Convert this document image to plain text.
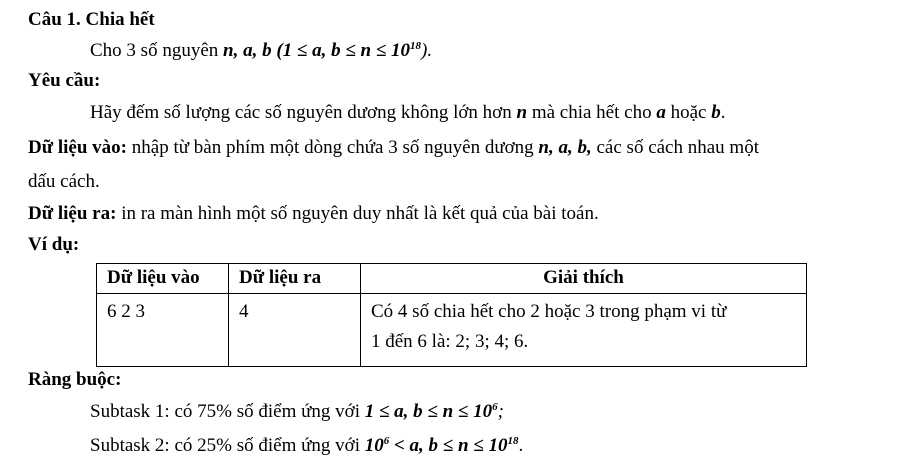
Câu 1. Chia hết
Cho 3 số nguyên n, a, b (1 ≤ a, $b \le n \le 10^{18}$).
Yêu cầu:
Hãy đếm số lượng các số nguyên dương không lớn hơn n mà chia hết cho a hoặc b.
Dữ liệu vào: nhập từ bàn phím một dòng chứa 3 số nguyên dương n, a, b, các số cách nhau một
dấu cách.
Dữ liệu ra: in ra màn hình một số nguyên duy nhất là kết quả của bài toán.
Ví dụ:
Dữ liệu vào	Dữ liệu ra	Giải thích
6 2 3	4	Có 4 số chia hết cho 2 hoặc 3 trong phạm vi từ
1 đến 6 là: 2; 3; 4; 6.
Ràng buộc:
Subtask 1: có 75% số điểm ứng với 1 ≤ a, $b \le n \le 10^6$;
Subtask 2: có 25% số điểm ứng với $10^6 < a$, $b \le n \le 10^{18}$.
